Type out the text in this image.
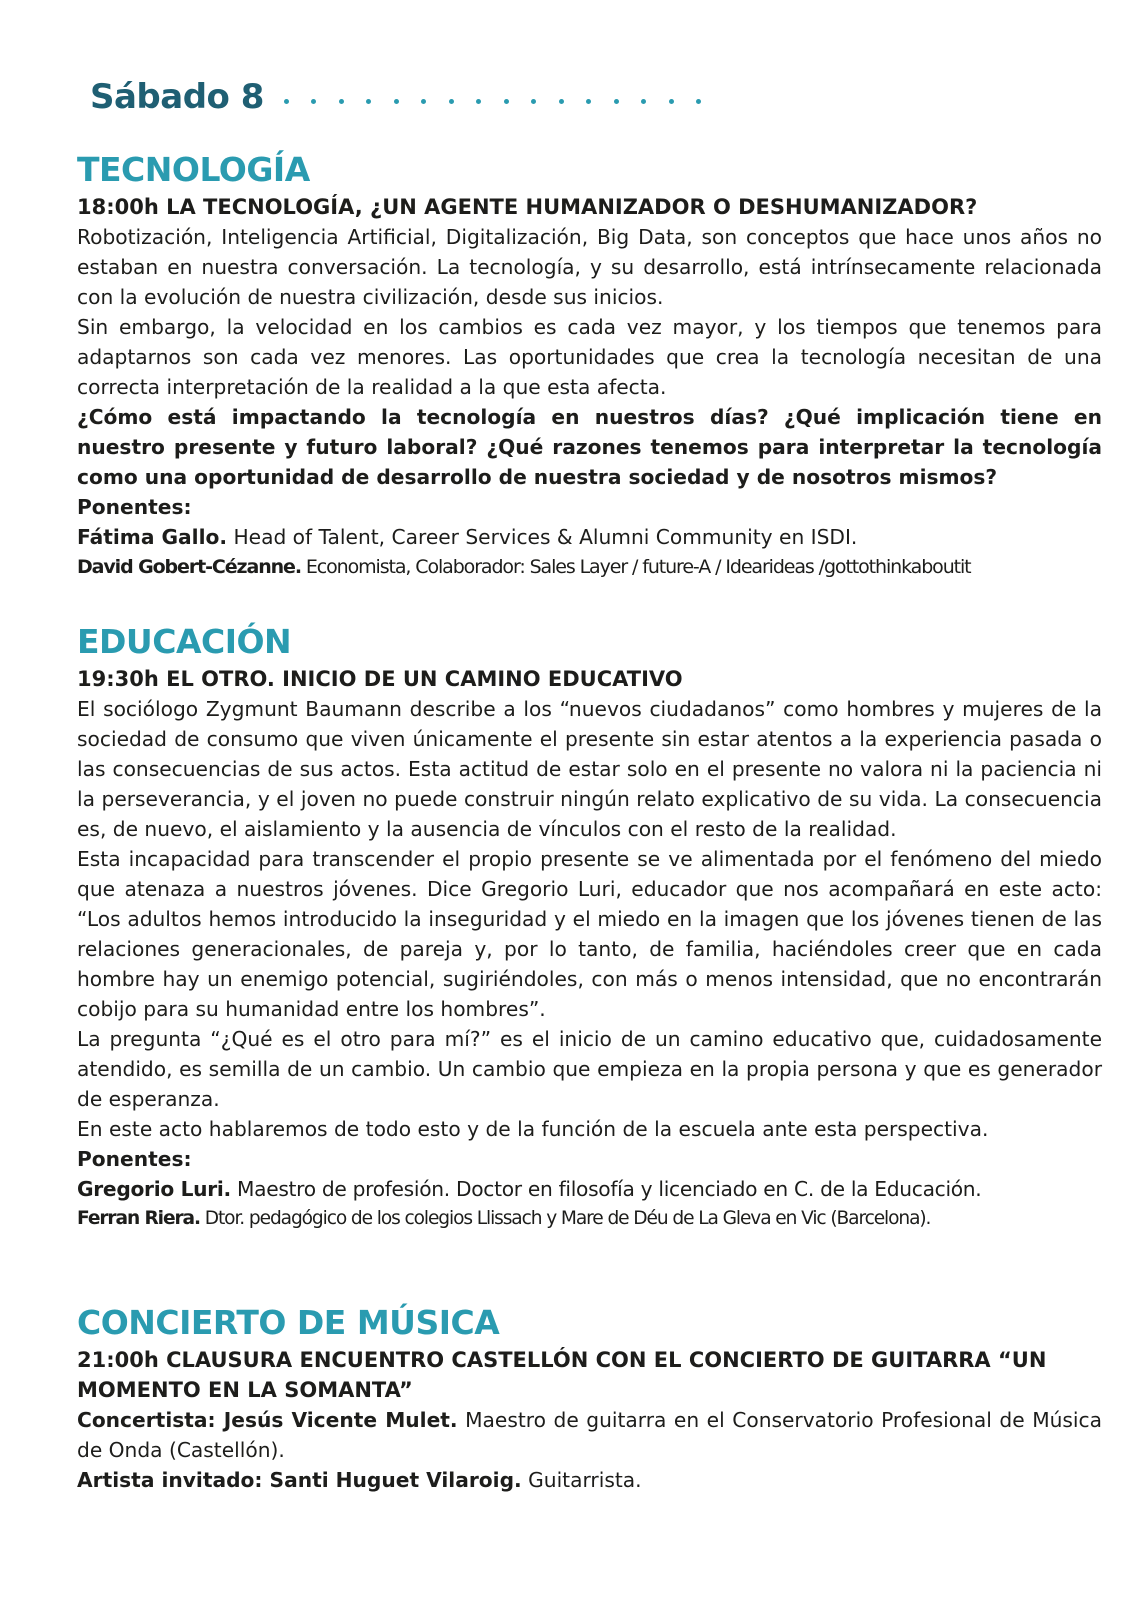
Sábado 8
TECNOLOGÍA
18:00h LA TECNOLOGÍA, ¿UN AGENTE HUMANIZADOR O DESHUMANIZADOR?

Robotización, Inteligencia Artificial, Digitalización, Big Data, son conceptos que hace unos años no estaban en nuestra conversación. La tecnología, y su desarrollo, está intrínsecamente relacionada con la evolución de nuestra civilización, desde sus inicios.

Sin embargo, la velocidad en los cambios es cada vez mayor, y los tiempos que tenemos para adaptarnos son cada vez menores. Las oportunidades que crea la tecnología necesitan de una correcta interpretación de la realidad a la que esta afecta.

¿Cómo está impactando la tecnología en nuestros días? ¿Qué implicación tiene en nuestro presente y futuro laboral? ¿Qué razones tenemos para interpretar la tecnología como una oportunidad de desarrollo de nuestra sociedad y de nosotros mismos?

Ponentes:
Fátima Gallo. Head of Talent, Career Services & Alumni Community en ISDI.
David Gobert-Cézanne. Economista, Colaborador: Sales Layer / future-A / Idearideas /gottothinkaboutit
EDUCACIÓN
19:30h EL OTRO. INICIO DE UN CAMINO EDUCATIVO

El sociólogo Zygmunt Baumann describe a los “nuevos ciudadanos” como hombres y mujeres de la sociedad de consumo que viven únicamente el presente sin estar atentos a la experiencia pasada o las consecuencias de sus actos. Esta actitud de estar solo en el presente no valora ni la paciencia ni la perseverancia, y el joven no puede construir ningún relato explicativo de su vida. La consecuencia es, de nuevo, el aislamiento y la ausencia de vínculos con el resto de la realidad.

Esta incapacidad para transcender el propio presente se ve alimentada por el fenómeno del miedo que atenaza a nuestros jóvenes. Dice Gregorio Luri, educador que nos acompañará en este acto: “Los adultos hemos introducido la inseguridad y el miedo en la imagen que los jóvenes tienen de las relaciones generacionales, de pareja y, por lo tanto, de familia, haciéndoles creer que en cada hombre hay un enemigo potencial, sugiriéndoles, con más o menos intensidad, que no encontrarán cobijo para su humanidad entre los hombres”.

La pregunta “¿Qué es el otro para mí?” es el inicio de un camino educativo que, cuidadosamente atendido, es semilla de un cambio. Un cambio que empieza en la propia persona y que es generador de esperanza.

En este acto hablaremos de todo esto y de la función de la escuela ante esta perspectiva.

Ponentes:
Gregorio Luri. Maestro de profesión. Doctor en filosofía y licenciado en C. de la Educación.
Ferran Riera. Dtor. pedagógico de los colegios Llissach y Mare de Déu de La Gleva en Vic (Barcelona).
CONCIERTO DE MÚSICA
21:00h CLAUSURA ENCUENTRO CASTELLÓN CON EL CONCIERTO DE GUITARRA “UN MOMENTO EN LA SOMANTA”

Concertista: Jesús Vicente Mulet. Maestro de guitarra en el Conservatorio Profesional de Música de Onda (Castellón).

Artista invitado: Santi Huguet Vilaroig. Guitarrista.
